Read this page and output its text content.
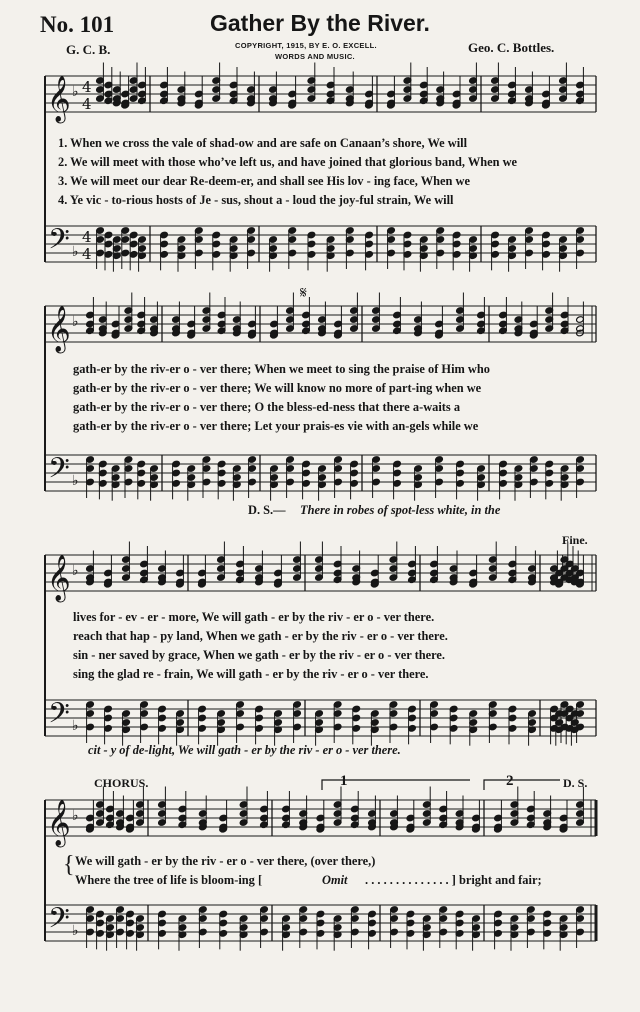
No. 101	Gather By the River.
G. C. B.	COPYRIGHT, 1915, BY E. O. EXCELL.
WORDS AND MUSIC.
Geo. C. Bottles.
𝄞
𝄢
♭
♭
4
4
4
4
𝄞
𝄢
♭
♭
𝄞
𝄢
♭
♭
𝄞
𝄢
♭
♭
𝄋
1. When we cross the vale of shad-ow and are safe on Canaan’s shore, We will
2. We will meet with those who’ve left us, and have joined that glorious band, When we
3. We will meet our dear Re-deem-er, and shall see His lov - ing face, When we
4. Ye vic - to-rious hosts of Je - sus, shout a - loud the joy-ful strain, We will
gath-er by the riv-er o - ver there; When we meet to sing the praise of Him who
gath-er by the riv-er o - ver there; We will know no more of part-ing when we
gath-er by the riv-er o - ver there; O the bless-ed-ness that there a-waits a
gath-er by the riv-er o - ver there; Let your prais-es vie with an-gels while we
D. S.— There in robes of spot-less white, in the
Fine.
lives for - ev - er - more, We will gath - er by the riv - er o - ver there.
reach that hap - py land, When we gath - er by the riv - er o - ver there.
sin - ner saved by grace, When we gath - er by the riv - er o - ver there.
sing the glad re - frain, We will gath - er by the riv - er o - ver there.
cit - y of de-light, We will gath - er by the riv - er o - ver there.
CHORUS.	1	2	D. S.
{ We will gath - er by the riv - er o - ver there, (over there,)
Where the tree of life is bloom-ing [	Omit . . . . . . . . . . . . . . ] bright and fair;
